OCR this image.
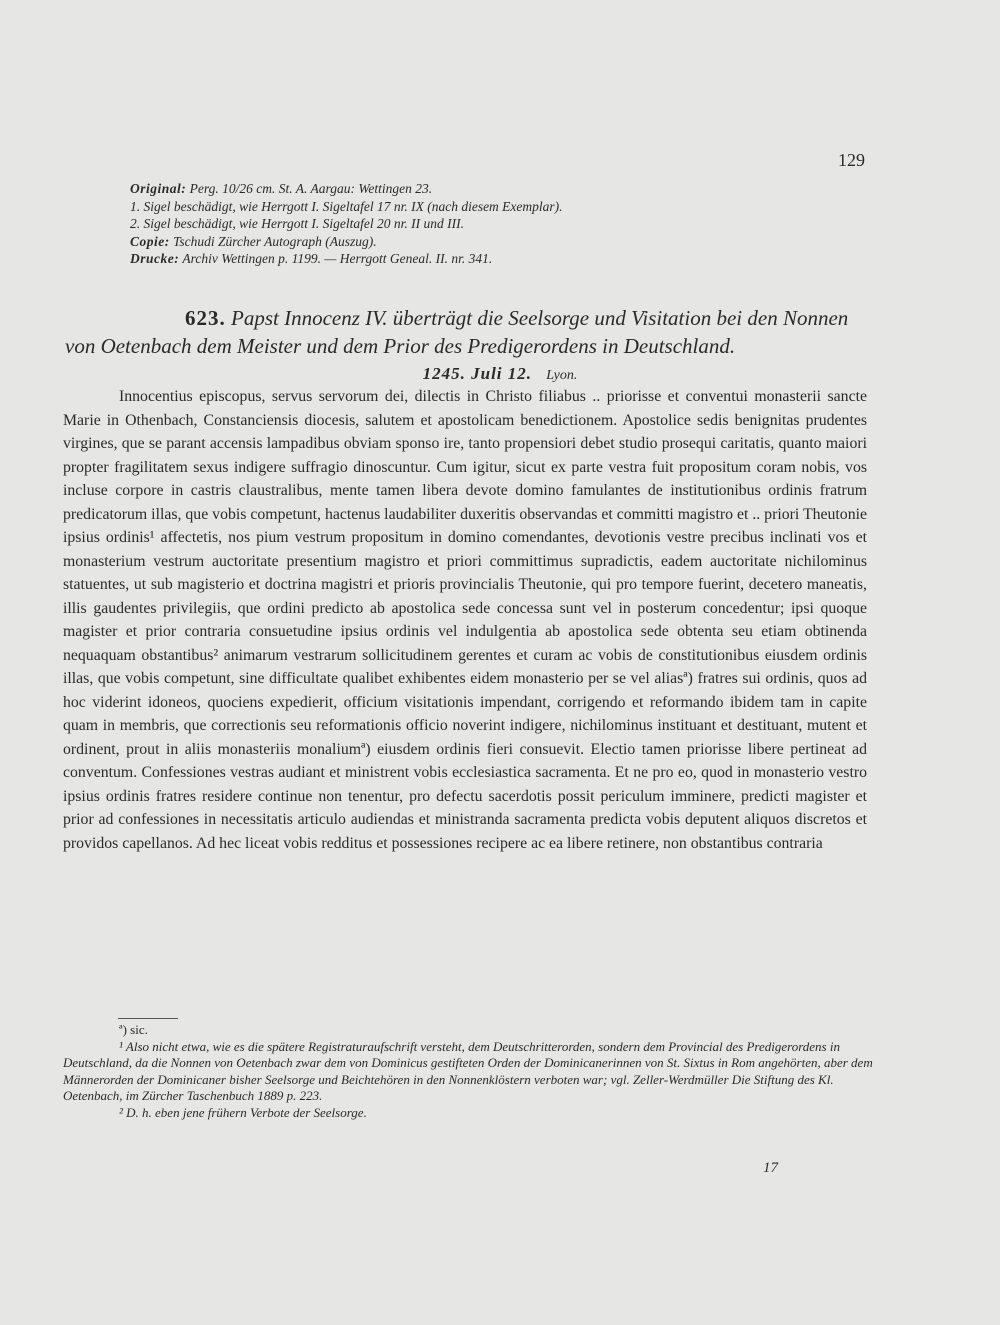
129
Original: Perg. 10/26 cm. St. A. Aargau: Wettingen 23.
1. Sigel beschädigt, wie Herrgott I. Sigeltafel 17 nr. IX (nach diesem Exemplar).
2. Sigel beschädigt, wie Herrgott I. Sigeltafel 20 nr. II und III.
Copie: Tschudi Zürcher Autograph (Auszug).
Drucke: Archiv Wettingen p. 1199. — Herrgott Geneal. II. nr. 341.
623. Papst Innocenz IV. überträgt die Seelsorge und Visitation bei den Nonnen von Oetenbach dem Meister und dem Prior des Predigerordens in Deutschland.
1245. Juli 12. Lyon.

Innocentius episcopus, servus servorum dei, dilectis in Christo filiabus .. priorisse et conventui monasterii sancte Marie in Othenbach, Constanciensis diocesis, salutem et apostolicam benedictionem. Apostolice sedis benignitas prudentes virgines, que se parant accensis lampadibus obviam sponso ire, tanto propensiori debet studio prosequi caritatis, quanto maiori propter fragilitatem sexus indigere suffragio dinoscuntur. Cum igitur, sicut ex parte vestra fuit propositum coram nobis, vos incluse corpore in castris claustralibus, mente tamen libera devote domino famulantes de institutionibus ordinis fratrum predicatorum illas, que vobis competunt, hactenus laudabiliter duxeritis observandas et committi magistro et .. priori Theutonie ipsius ordinis¹ affectetis, nos pium vestrum propositum in domino comendantes, devotionis vestre precibus inclinati vos et monasterium vestrum auctoritate presentium magistro et priori committimus supradictis, eadem auctoritate nichilominus statuentes, ut sub magisterio et doctrina magistri et prioris provincialis Theutonie, qui pro tempore fuerint, decetero maneatis, illis gaudentes privilegiis, que ordini predicto ab apostolica sede concessa sunt vel in posterum concedentur; ipsi quoque magister et prior contraria consuetudine ipsius ordinis vel indulgentia ab apostolica sede obtenta seu etiam obtinenda nequaquam obstantibus² animarum vestrarum sollicitudinem gerentes et curam ac vobis de constitutionibus eiusdem ordinis illas, que vobis competunt, sine difficultate qualibet exhibentes eidem monasterio per se vel aliasª) fratres sui ordinis, quos ad hoc viderint idoneos, quociens expedierit, officium visitationis impendant, corrigendo et reformando ibidem tam in capite quam in membris, que correctionis seu reformationis officio noverint indigere, nichilominus instituant et destituant, mutent et ordinent, prout in aliis monasteriis monaliumª) eiusdem ordinis fieri consuevit. Electio tamen priorisse libere pertineat ad conventum. Confessiones vestras audiant et ministrent vobis ecclesiastica sacramenta. Et ne pro eo, quod in monasterio vestro ipsius ordinis fratres residere continue non tenentur, pro defectu sacerdotis possit periculum imminere, predicti magister et prior ad confessiones in necessitatis articulo audiendas et ministranda sacramenta predicta vobis deputent aliquos discretos et providos capellanos. Ad hec liceat vobis redditus et possessiones recipere ac ea libere retinere, non obstantibus contraria

ª) sic.
¹ Also nicht etwa, wie es die spätere Registraturaufschrift versteht, dem Deutschritterorden, sondern dem Provincial des Predigerordens in Deutschland, da die Nonnen von Oetenbach zwar dem von Dominicus gestifteten Orden der Dominicanerinnen von St. Sixtus in Rom angehörten, aber dem Männerorden der Dominicaner bisher Seelsorge und Beichtehören in den Nonnenklöstern verboten war; vgl. Zeller-Werdmüller Die Stiftung des Kl. Oetenbach, im Zürcher Taschenbuch 1889 p. 223.
² D. h. eben jene frühern Verbote der Seelsorge.
17
